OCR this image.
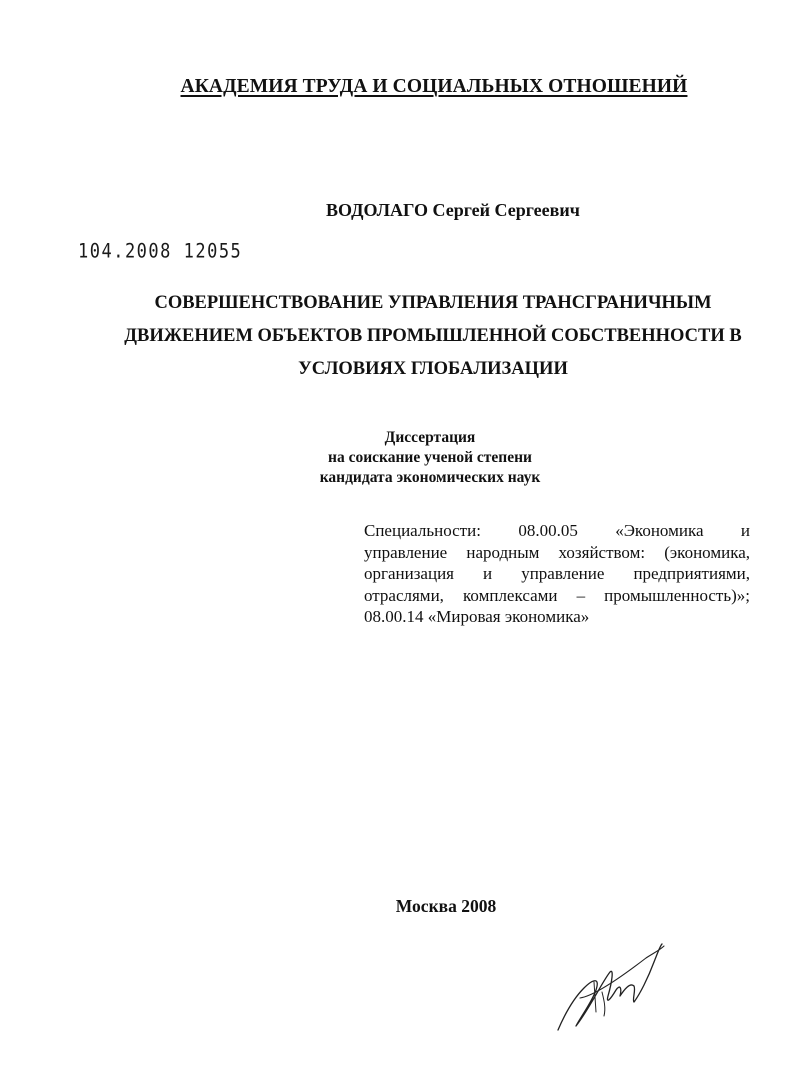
АКАДЕМИЯ ТРУДА И СОЦИАЛЬНЫХ ОТНОШЕНИЙ
ВОДОЛАГО Сергей Сергеевич
104.2008 12055
СОВЕРШЕНСТВОВАНИЕ УПРАВЛЕНИЯ ТРАНСГРАНИЧНЫМ
ДВИЖЕНИЕМ ОБЪЕКТОВ ПРОМЫШЛЕННОЙ СОБСТВЕННОСТИ В
УСЛОВИЯХ ГЛОБАЛИЗАЦИИ
Диссертация
на соискание ученой степени
кандидата экономических наук
Специальности: 08.00.05 «Экономика и
управление народным хозяйством: (экономика,
организация и управление предприятиями,
отраслями, комплексами – промышленность)»;
08.00.14 «Мировая экономика»
Москва 2008
